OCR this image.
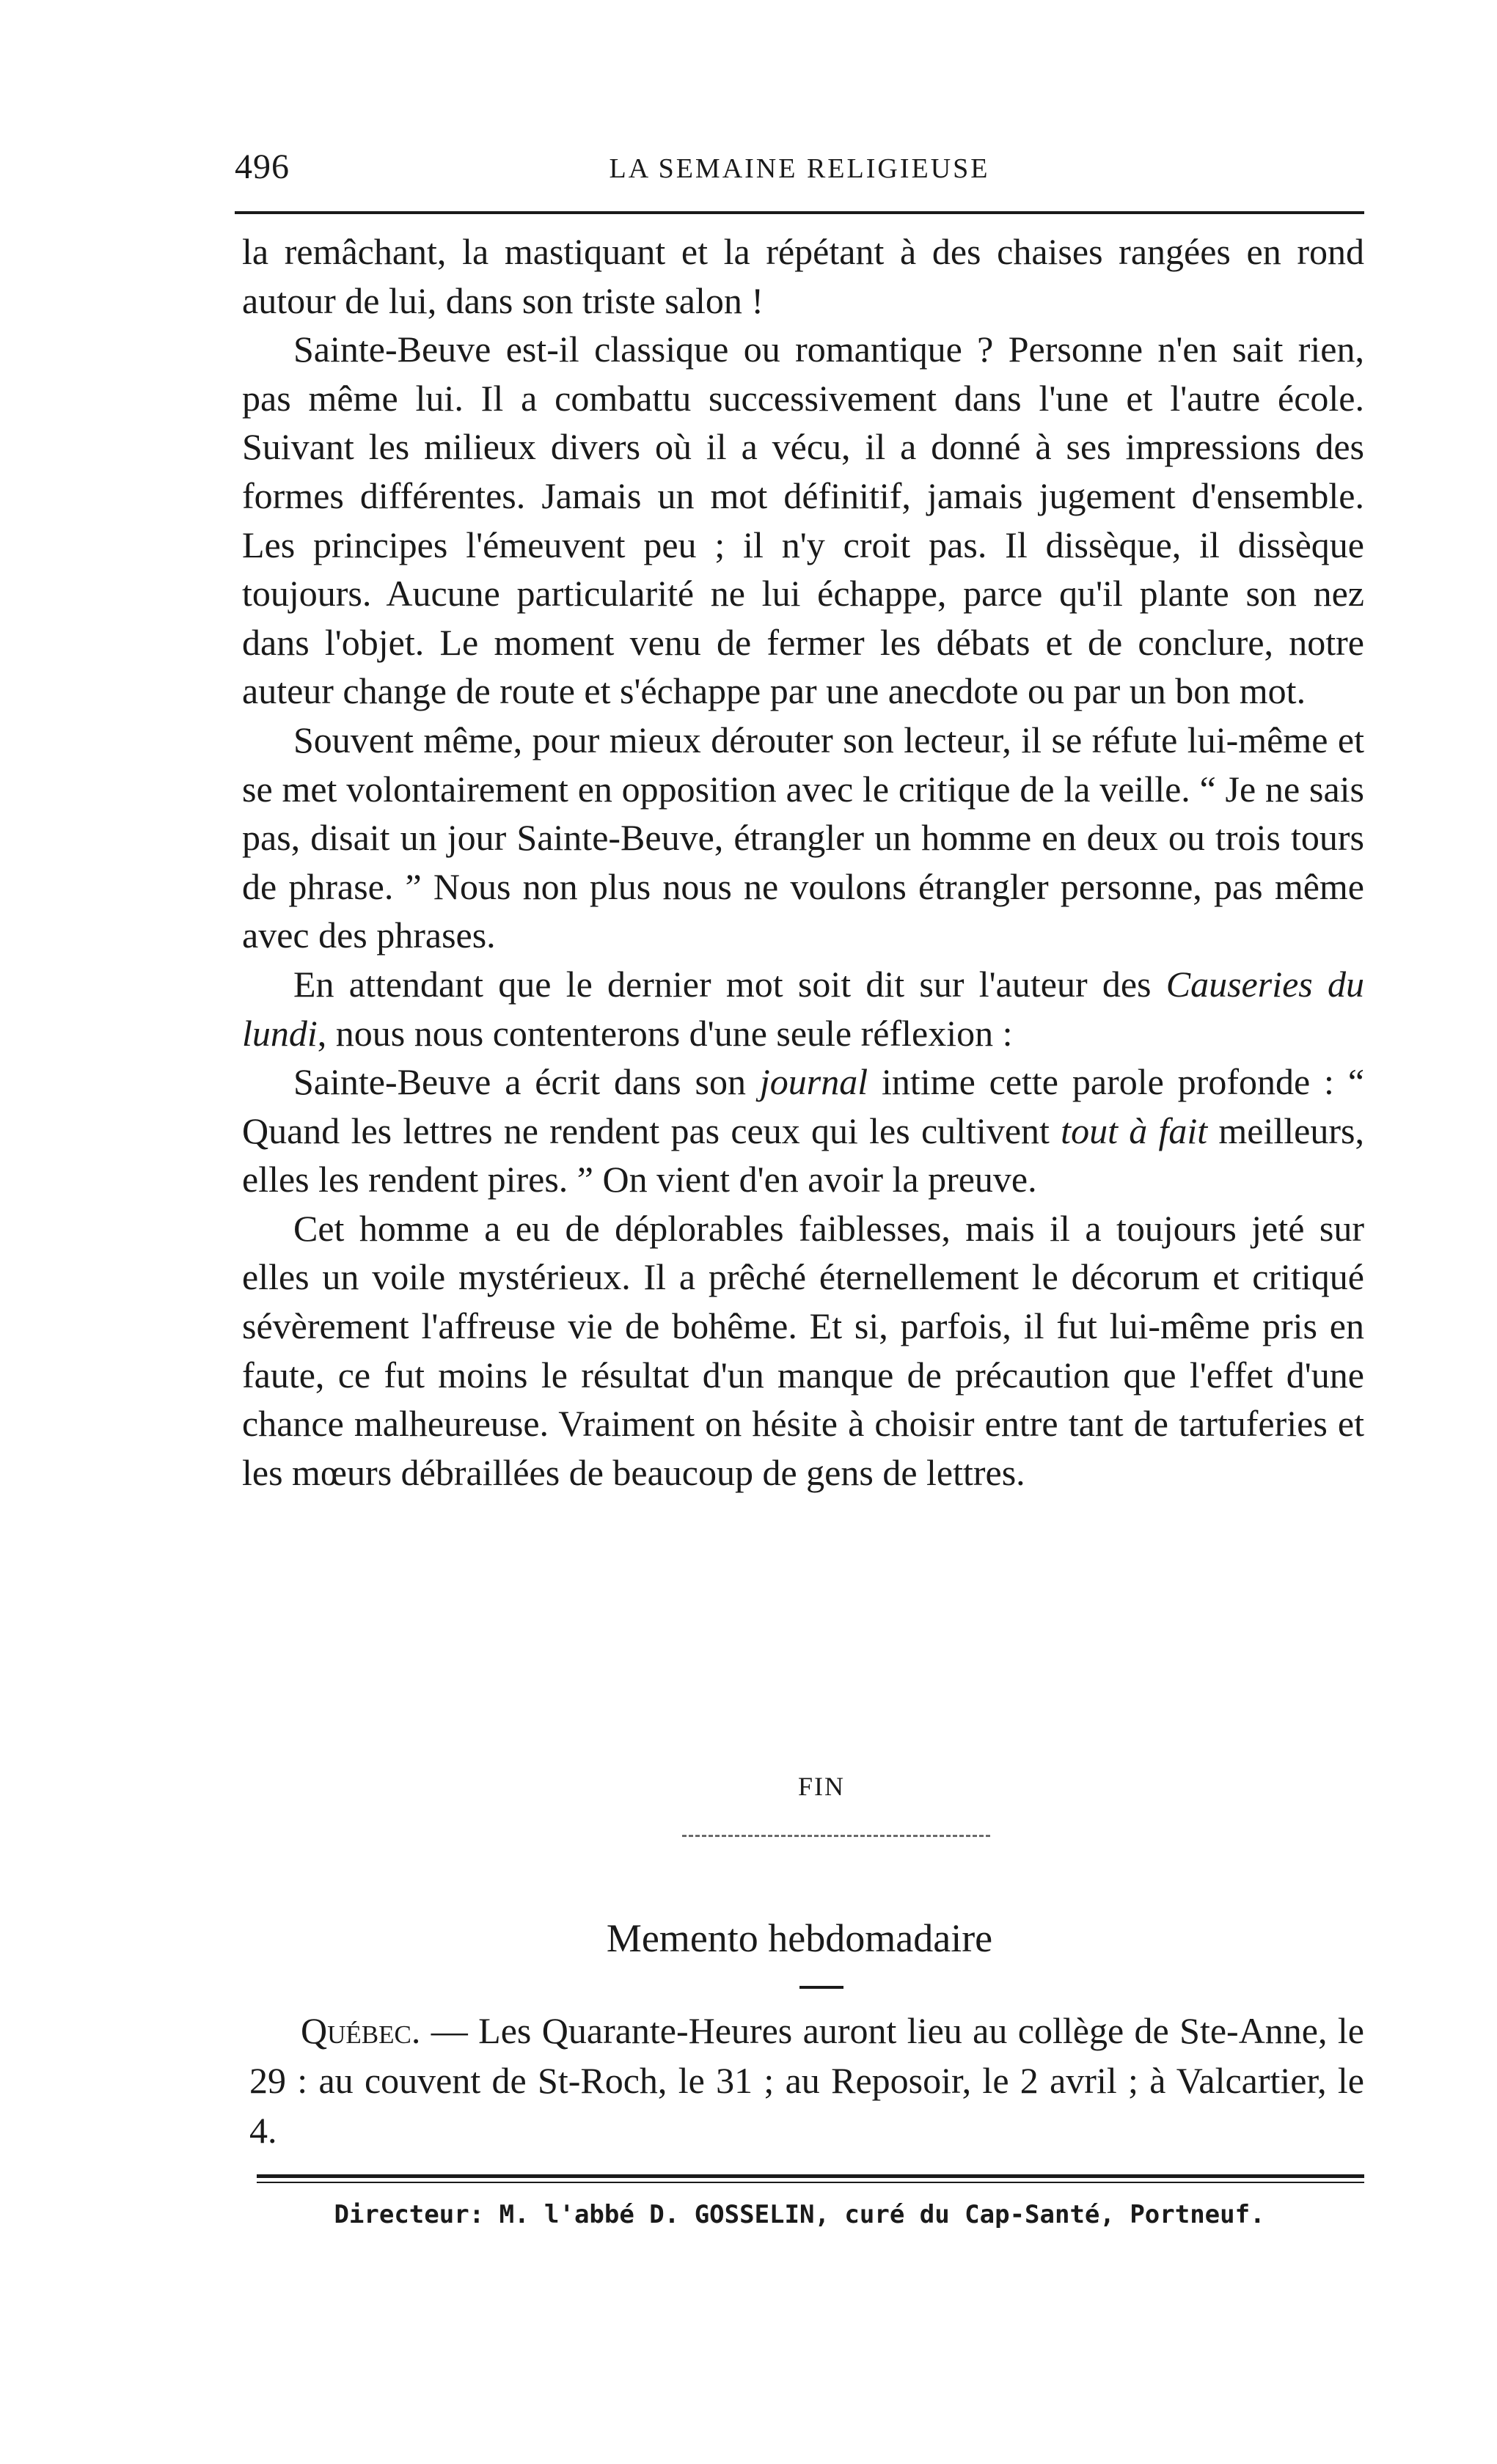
496	LA SEMAINE RELIGIEUSE

la remâchant, la mastiquant et la répétant à des chaises rangées en rond autour de lui, dans son triste salon !

Sainte-Beuve est-il classique ou romantique ? Personne n'en sait rien, pas même lui. Il a combattu successivement dans l'une et l'autre école. Suivant les milieux divers où il a vécu, il a donné à ses impressions des formes différentes. Jamais un mot définitif, jamais jugement d'ensemble. Les principes l'émeuvent peu ; il n'y croit pas. Il dissèque, il dissèque toujours. Aucune particularité ne lui échappe, parce qu'il plante son nez dans l'objet. Le moment venu de fermer les débats et de conclure, notre auteur change de route et s'échappe par une anecdote ou par un bon mot.

Souvent même, pour mieux dérouter son lecteur, il se réfute lui-même et se met volontairement en opposition avec le critique de la veille. “ Je ne sais pas, disait un jour Sainte-Beuve, étrangler un homme en deux ou trois tours de phrase. ” Nous non plus nous ne voulons étrangler personne, pas même avec des phrases.

En attendant que le dernier mot soit dit sur l'auteur des Causeries du lundi, nous nous contenterons d'une seule réflexion :

Sainte-Beuve a écrit dans son journal intime cette parole profonde : “ Quand les lettres ne rendent pas ceux qui les cultivent tout à fait meilleurs, elles les rendent pires. ” On vient d'en avoir la preuve.

Cet homme a eu de déplorables faiblesses, mais il a toujours jeté sur elles un voile mystérieux. Il a prêché éternellement le décorum et critiqué sévèrement l'affreuse vie de bohême. Et si, parfois, il fut lui-même pris en faute, ce fut moins le résultat d'un manque de précaution que l'effet d'une chance malheureuse. Vraiment on hésite à choisir entre tant de tartuferies et les mœurs débraillées de beaucoup de gens de lettres.

FIN
Memento hebdomadaire
Québec. — Les Quarante-Heures auront lieu au collège de Ste-Anne, le 29 : au couvent de St-Roch, le 31 ; au Reposoir, le 2 avril ; à Valcartier, le 4.
Directeur: M. l'abbé D. GOSSELIN, curé du Cap-Santé, Portneuf.
